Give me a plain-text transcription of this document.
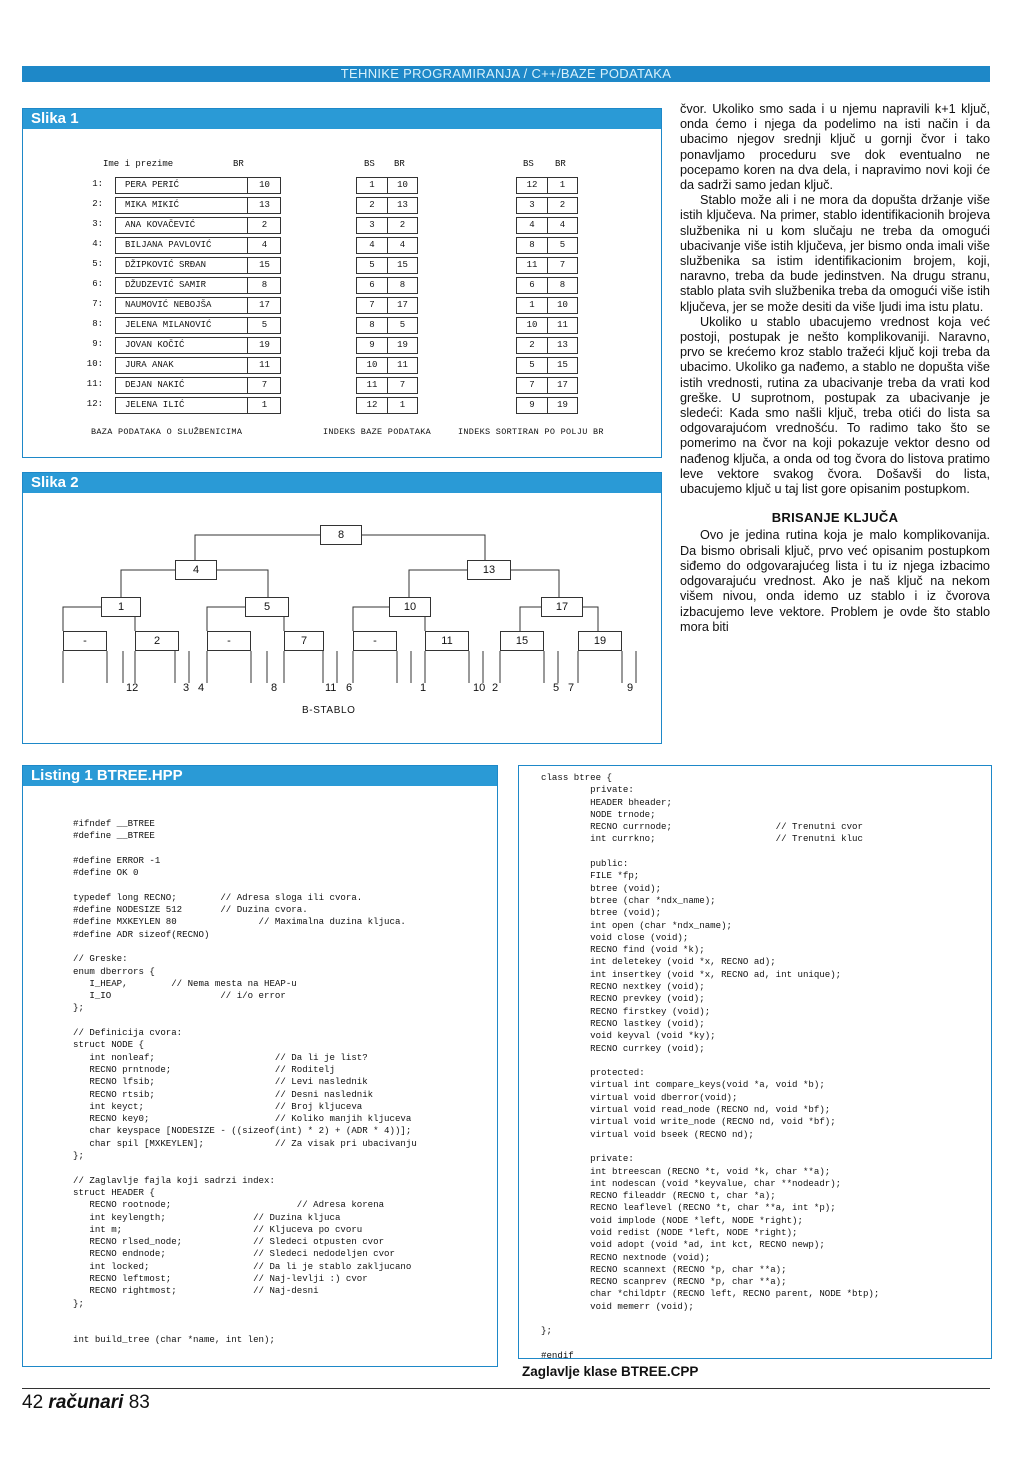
TEHNIKE PROGRAMIRANJA / C++/BAZE PODATAKA
Slika 1
Ime i prezime	BR	BS BR	BS BR
1: PERA PERIĆ	10	1	10	12	1
2: MIKA MIKIĆ	13	2	13	3	2
3: ANA KOVAČEVIĆ	2	3	2	4	4
4: BILJANA PAVLOVIĆ	4	4	4	8	5
5: DŽIPKOVIĆ SRĐAN	15	5	15	11	7
6: DŽUDZEVIĆ SAMIR	8	6	8	6	8
7: NAUMOVIĆ NEBOJŠA	17	7	17	1	10
8: JELENA MILANOVIĆ	5	8	5	10	11
9: JOVAN KOČIĆ	19	9	19	2	13
10: JURA ANAK	11	10	11	5	15
11: DEJAN NAKIĆ	7	11	7	7	17
12: JELENA ILIĆ	1	12	1	9	19
BAZA PODATAKA O SLUŽBENICIMA	INDEKS BAZE PODATAKA	INDEKS SORTIRAN PO POLJU BR
Slika 2
8
4	13
1	5	10	17
-	2	-	7	-	11	15	19
12	3 4	8	11 6	1	10 2	5 7	9
B-STABLO

čvor. Ukoliko smo sada i u njemu napravili k+1 ključ, onda ćemo i njega da podelimo na isti način i da ubacimo njegov srednji ključ u gornji čvor i tako ponavljamo proceduru sve dok eventualno ne pocepamo koren na dva dela, i napravimo novi koji će da sadrži samo jedan ključ.

Stablo može ali i ne mora da dopušta držanje više istih ključeva. Na primer, stablo identifikacionih brojeva službenika ni u kom slučaju ne treba da omogući ubacivanje više istih ključeva, jer bismo onda imali više službenika sa istim identifikacionim brojem, koji, naravno, treba da bude jedinstven. Na drugu stranu, stablo plata svih službenika treba da omogući više istih ključeva, jer se može desiti da više ljudi ima istu platu.

Ukoliko u stablo ubacujemo vrednost koja već postoji, postupak je nešto komplikovaniji. Naravno, prvo se krećemo kroz stablo tražeći ključ koji treba da ubacimo. Ukoliko ga nađemo, a stablo ne dopušta više istih vrednosti, rutina za ubacivanje treba da vrati kod greške. U suprotnom, postupak za ubacivanje je sledeći: Kada smo našli ključ, treba otići do lista sa odgovarajućom vrednošću. To radimo tako što se pomerimo na čvor na koji pokazuje vektor desno od nađenog ključa, a onda od tog čvora do listova pratimo leve vektore svakog čvora. Došavši do lista, ubacujemo ključ u taj list gore opisanim postupkom.

BRISANJE KLJUČA

Ovo je jedina rutina koja je malo komplikovanija. Da bismo obrisali ključ, prvo već opisanim postupkom siđemo do odgovarajućeg lista i tu iz njega izbacimo odgovarajuću vrednost. Ako je naš ključ na nekom višem nivou, onda idemo uz stablo i iz čvorova izbacujemo leve vektore. Problem je ovde što stablo mora biti

Listing 1 BTREE.HPP
#ifndef __BTREE
#define __BTREE

#define ERROR -1
#define OK 0

typedef long RECNO;        // Adresa sloga ili cvora.
#define NODESIZE 512       // Duzina cvora.
#define MXKEYLEN 80               // Maximalna duzina kljuca.
#define ADR sizeof(RECNO)

// Greske:
enum dberrors {
I_HEAP,        // Nema mesta na HEAP-u
I_IO                    // i/o error
};

// Definicija cvora:
struct NODE {
int nonleaf;                      // Da li je list?
RECNO prntnode;                   // Roditelj
RECNO lfsib;                      // Levi naslednik
RECNO rtsib;                      // Desni naslednik
int keyct;                        // Broj kljuceva
RECNO key0;                       // Koliko manjih kljuceva
char keyspace [NODESIZE - ((sizeof(int) * 2) + (ADR * 4))];
char spil [MXKEYLEN];             // Za visak pri ubacivanju
};

// Zaglavlje fajla koji sadrzi index:
struct HEADER {
RECNO rootnode;                       // Adresa korena
int keylength;                // Duzina kljuca
int m;                        // Kljuceva po cvoru
RECNO rlsed_node;             // Sledeci otpusten cvor
RECNO endnode;                // Sledeci nedodeljen cvor
int locked;                   // Da li je stablo zakljucano
RECNO leftmost;               // Naj-levlji :) cvor
RECNO rightmost;              // Naj-desni
};

int build_tree (char *name, int len);
class btree {
private:
HEADER bheader;
NODE trnode;
RECNO currnode;                   // Trenutni cvor
int currkno;                      // Trenutni kluc

public:
FILE *fp;
btree (void);
btree (char *ndx_name);
btree (void);
int open (char *ndx_name);
void close (void);
RECNO find (void *k);
int deletekey (void *x, RECNO ad);
int insertkey (void *x, RECNO ad, int unique);
RECNO nextkey (void);
RECNO prevkey (void);
RECNO firstkey (void);
RECNO lastkey (void);
void keyval (void *ky);
RECNO currkey (void);

protected:
virtual int compare_keys(void *a, void *b);
virtual void dberror(void);
virtual void read_node (RECNO nd, void *bf);
virtual void write_node (RECNO nd, void *bf);
virtual void bseek (RECNO nd);

private:
int btreescan (RECNO *t, void *k, char **a);
int nodescan (void *keyvalue, char **nodeadr);
RECNO fileaddr (RECNO t, char *a);
RECNO leaflevel (RECNO *t, char **a, int *p);
void implode (NODE *left, NODE *right);
void redist (NODE *left, NODE *right);
void adopt (void *ad, int kct, RECNO newp);
RECNO nextnode (void);
RECNO scannext (RECNO *p, char **a);
RECNO scanprev (RECNO *p, char **a);
char *childptr (RECNO left, RECNO parent, NODE *btp);
void memerr (void);

};

#endif
Zaglavlje klase BTREE.CPP
42 računari 83
